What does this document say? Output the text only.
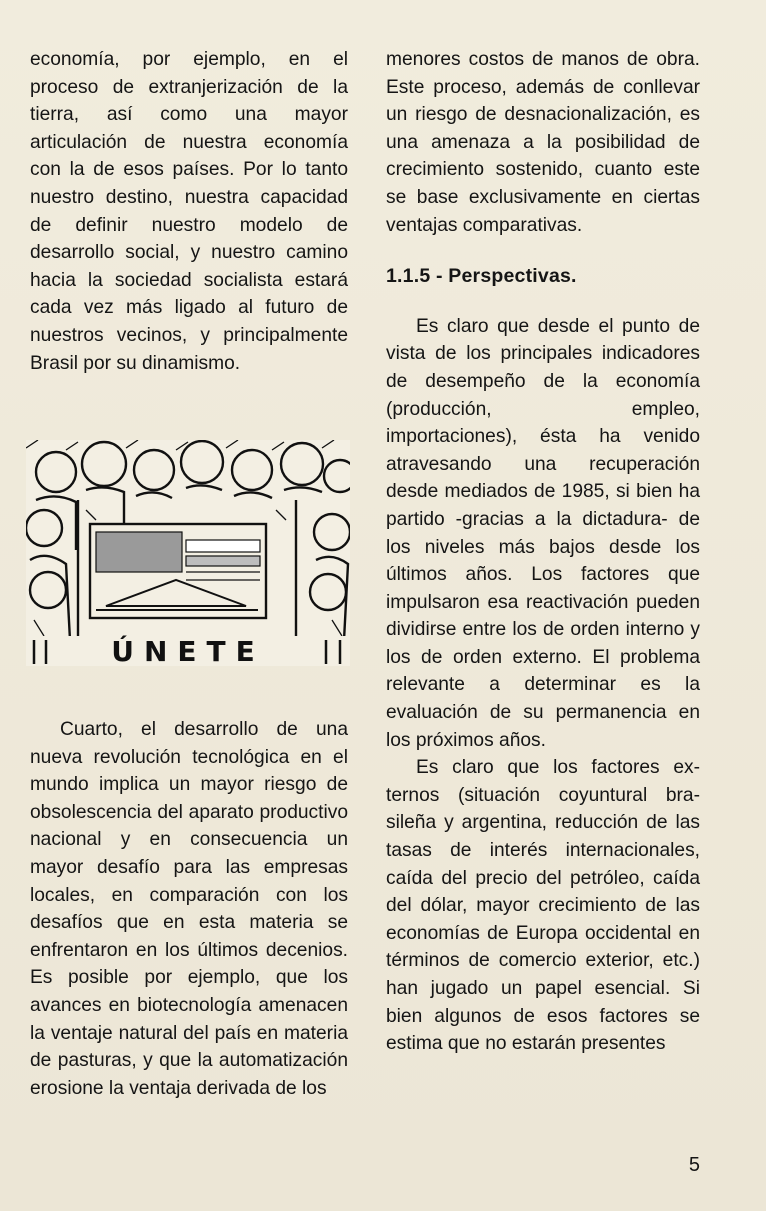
economía, por ejemplo, en el proceso de extranjerización de la tierra, así como una mayor articulación de nuestra economía con la de esos países. Por lo tanto nuestro destino, nuestra capacidad de definir nuestro modelo de desarrollo social, y nuestro camino hacia la sociedad socialista estará cada vez más ligado al futuro de nuestros vecinos, y principalmente Brasil por su dinamismo.

ÚNETE

Cuarto, el desarrollo de una nueva revolución tecnológica en el mundo implica un mayor riesgo de obsolescencia del aparato productivo nacional y en consecuencia un mayor desafío para las empresas locales, en comparación con los desafíos que en esta materia se enfrentaron en los últimos decenios. Es posible por ejemplo, que los avances en biotecnología amenacen la ventaje natural del país en materia de pasturas, y que la automatización erosione la ventaja derivada de los

menores costos de manos de obra. Este proceso, además de conllevar un riesgo de desnacionalización, es una amenaza a la posibilidad de crecimiento sostenido, cuanto este se base exclusivamente en ciertas ventajas comparativas.

1.1.5 - Perspectivas.

Es claro que desde el punto de vista de los principales indicadores de desempeño de la economía (producción, empleo, importaciones), ésta ha venido atravesando una recuperación desde mediados de 1985, si bien ha partido -gracias a la dictadura- de los niveles más bajos desde los últimos años. Los factores que impulsaron esa reactivación pueden dividirse entre los de orden interno y los de orden externo. El problema relevante a determinar es la evaluación de su permanencia en los próximos años.

Es claro que los factores externos (situación coyuntural brasileña y argentina, reducción de las tasas de interés internacionales, caída del precio del petróleo, caída del dólar, mayor crecimiento de las economías de Europa occidental en términos de comercio exterior, etc.) han jugado un papel esencial. Si bien algunos de esos factores se estima que no estarán presentes

5
